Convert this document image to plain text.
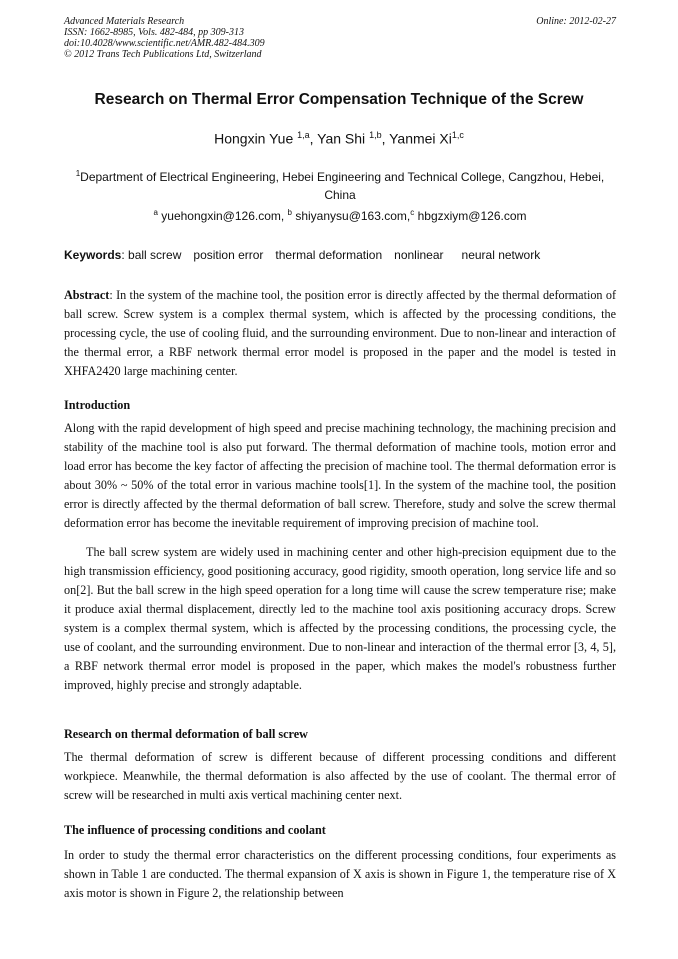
Advanced Materials Research
ISSN: 1662-8985, Vols. 482-484, pp 309-313
doi:10.4028/www.scientific.net/AMR.482-484.309
© 2012 Trans Tech Publications Ltd, Switzerland
Online: 2012-02-27
Research on Thermal Error Compensation Technique of the Screw
Hongxin Yue $^{1,a}$, Yan Shi $^{1,b}$, Yanmei Xi$^{1,c}$
$^1$Department of Electrical Engineering, Hebei Engineering and Technical College, Cangzhou, Hebei, China
$^a$ yuehongxin@126.com, $^b$ shiyanysu@163.com,$^c$ hbgzxiym@126.com
Keywords: ball screw position error thermal deformation nonlinear neural network

Abstract: In the system of the machine tool, the position error is directly affected by the thermal deformation of ball screw. Screw system is a complex thermal system, which is affected by the processing conditions, the processing cycle, the use of cooling fluid, and the surrounding environment. Due to non-linear and interaction of the thermal error, a RBF network thermal error model is proposed in the paper and the model is tested in XHFA2420 large machining center.

Introduction

Along with the rapid development of high speed and precise machining technology, the machining precision and stability of the machine tool is also put forward. The thermal deformation of machine tools, motion error and load error has become the key factor of affecting the precision of machine tool. The thermal deformation error is about 30% ~ 50% of the total error in various machine tools[1]. In the system of the machine tool, the position error is directly affected by the thermal deformation of ball screw. Therefore, study and solve the screw thermal deformation error has become the inevitable requirement of improving precision of machine tool.

The ball screw system are widely used in machining center and other high-precision equipment due to the high transmission efficiency, good positioning accuracy, good rigidity, smooth operation, long service life and so on[2]. But the ball screw in the high speed operation for a long time will cause the screw temperature rise; make it produce axial thermal displacement, directly led to the machine tool axis positioning accuracy drops. Screw system is a complex thermal system, which is affected by the processing conditions, the processing cycle, the use of coolant, and the surrounding environment. Due to non-linear and interaction of the thermal error [3, 4, 5], a RBF network thermal error model is proposed in the paper, which makes the model's robustness further improved, highly precise and strongly adaptable.

Research on thermal deformation of ball screw

The thermal deformation of screw is different because of different processing conditions and different workpiece. Meanwhile, the thermal deformation is also affected by the use of coolant. The thermal error of screw will be researched in multi axis vertical machining center next.

The influence of processing conditions and coolant

In order to study the thermal error characteristics on the different processing conditions, four experiments as shown in Table 1 are conducted. The thermal expansion of X axis is shown in Figure 1, the temperature rise of X axis motor is shown in Figure 2, the relationship between
